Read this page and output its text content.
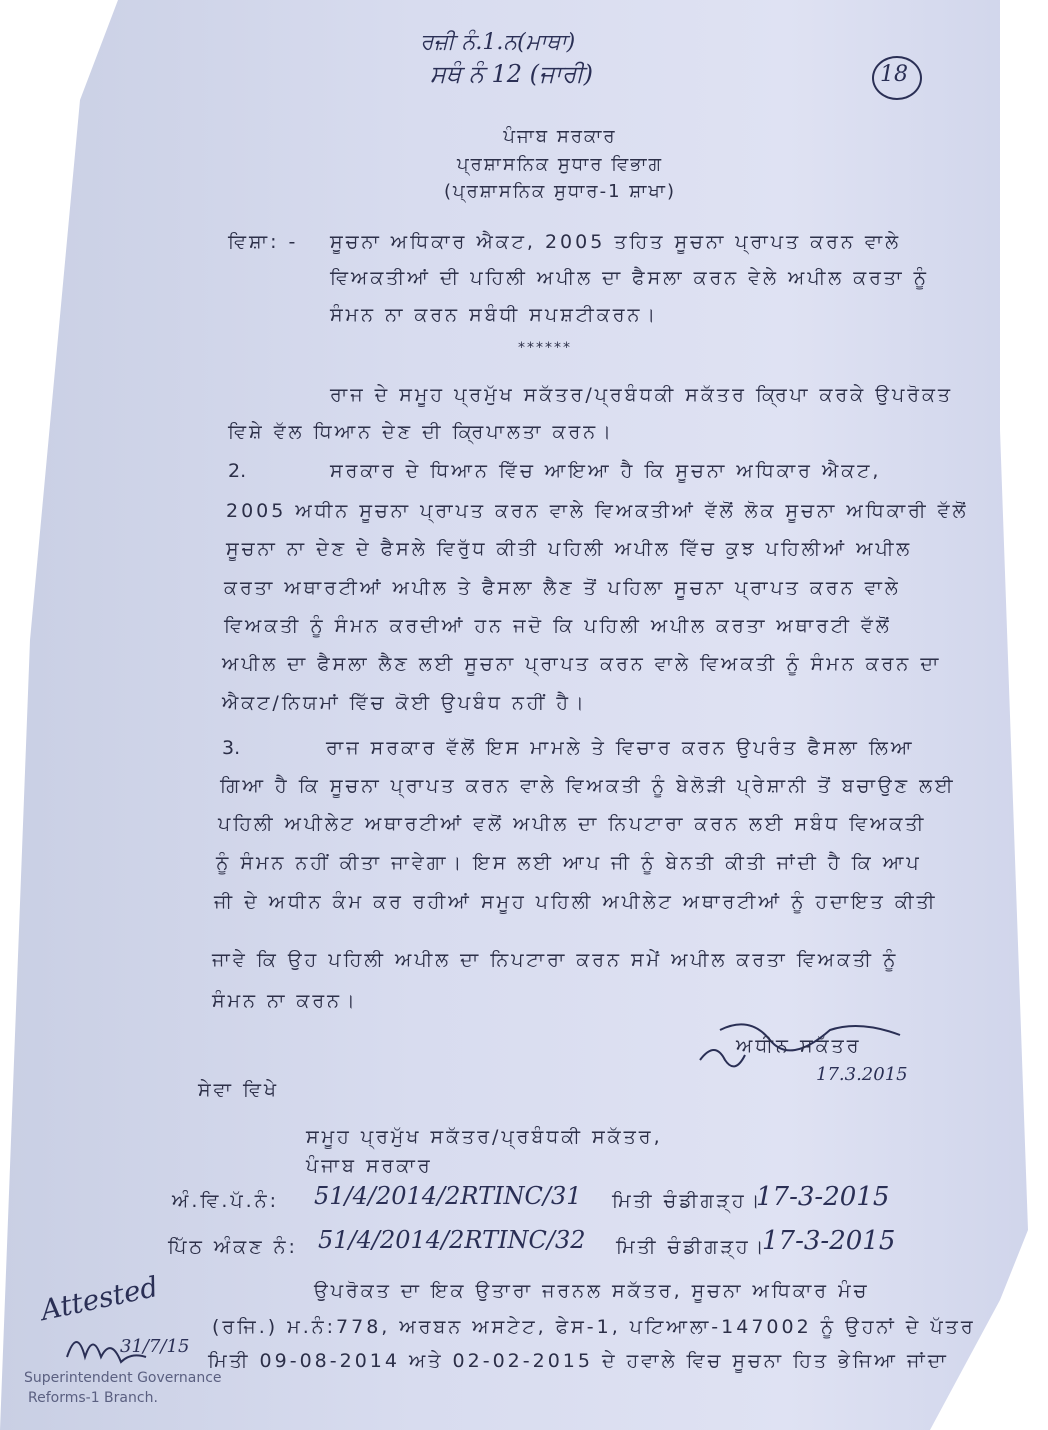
ਰਜ਼ੀ ਨੰ.1.ਨ(ਮਾਥਾ)
ਸਥੰ ਨੰ 12 (ਜਾਰੀ)	18
ਪੰਜਾਬ ਸਰਕਾਰ
ਪ੍ਰਸ਼ਾਸਨਿਕ ਸੁਧਾਰ ਵਿਭਾਗ
(ਪ੍ਰਸ਼ਾਸਨਿਕ ਸੁਧਾਰ-1 ਸ਼ਾਖਾ)
ਵਿਸ਼ਾ: - ਸੂਚਨਾ ਅਧਿਕਾਰ ਐਕਟ, 2005 ਤਹਿਤ ਸੂਚਨਾ ਪ੍ਰਾਪਤ ਕਰਨ ਵਾਲੇ
ਵਿਅਕਤੀਆਂ ਦੀ ਪਹਿਲੀ ਅਪੀਲ ਦਾ ਫੈਸਲਾ ਕਰਨ ਵੇਲੇ ਅਪੀਲ ਕਰਤਾ ਨੂੰ
ਸੰਮਨ ਨਾ ਕਰਨ ਸਬੰਧੀ ਸਪਸ਼ਟੀਕਰਨ।
******
ਰਾਜ ਦੇ ਸਮੂਹ ਪ੍ਰਮੁੱਖ ਸਕੱਤਰ/ਪ੍ਰਬੰਧਕੀ ਸਕੱਤਰ ਕ੍ਰਿਪਾ ਕਰਕੇ ਉਪਰੋਕਤ
ਵਿਸ਼ੇ ਵੱਲ ਧਿਆਨ ਦੇਣ ਦੀ ਕ੍ਰਿਪਾਲਤਾ ਕਰਨ।
2.	ਸਰਕਾਰ ਦੇ ਧਿਆਨ ਵਿੱਚ ਆਇਆ ਹੈ ਕਿ ਸੂਚਨਾ ਅਧਿਕਾਰ ਐਕਟ,
2005 ਅਧੀਨ ਸੂਚਨਾ ਪ੍ਰਾਪਤ ਕਰਨ ਵਾਲੇ ਵਿਅਕਤੀਆਂ ਵੱਲੋਂ ਲੋਕ ਸੂਚਨਾ ਅਧਿਕਾਰੀ ਵੱਲੋਂ
ਸੂਚਨਾ ਨਾ ਦੇਣ ਦੇ ਫੈਸਲੇ ਵਿਰੁੱਧ ਕੀਤੀ ਪਹਿਲੀ ਅਪੀਲ ਵਿੱਚ ਕੁਝ ਪਹਿਲੀਆਂ ਅਪੀਲ
ਕਰਤਾ ਅਥਾਰਟੀਆਂ ਅਪੀਲ ਤੇ ਫੈਸਲਾ ਲੈਣ ਤੋਂ ਪਹਿਲਾ ਸੂਚਨਾ ਪ੍ਰਾਪਤ ਕਰਨ ਵਾਲੇ
ਵਿਅਕਤੀ ਨੂੰ ਸੰਮਨ ਕਰਦੀਆਂ ਹਨ ਜਦੋ ਕਿ ਪਹਿਲੀ ਅਪੀਲ ਕਰਤਾ ਅਥਾਰਟੀ ਵੱਲੋਂ
ਅਪੀਲ ਦਾ ਫੈਸਲਾ ਲੈਣ ਲਈ ਸੂਚਨਾ ਪ੍ਰਾਪਤ ਕਰਨ ਵਾਲੇ ਵਿਅਕਤੀ ਨੂੰ ਸੰਮਨ ਕਰਨ ਦਾ
ਐਕਟ/ਨਿਯਮਾਂ ਵਿੱਚ ਕੋਈ ਉਪਬੰਧ ਨਹੀਂ ਹੈ।
3.	ਰਾਜ ਸਰਕਾਰ ਵੱਲੋਂ ਇਸ ਮਾਮਲੇ ਤੇ ਵਿਚਾਰ ਕਰਨ ਉਪਰੰਤ ਫੈਸਲਾ ਲਿਆ
ਗਿਆ ਹੈ ਕਿ ਸੂਚਨਾ ਪ੍ਰਾਪਤ ਕਰਨ ਵਾਲੇ ਵਿਅਕਤੀ ਨੂੰ ਬੇਲੋੜੀ ਪ੍ਰੇਸ਼ਾਨੀ ਤੋਂ ਬਚਾਉਣ ਲਈ
ਪਹਿਲੀ ਅਪੀਲੇਟ ਅਥਾਰਟੀਆਂ ਵਲੋਂ ਅਪੀਲ ਦਾ ਨਿਪਟਾਰਾ ਕਰਨ ਲਈ ਸਬੰਧ ਵਿਅਕਤੀ
ਨੂੰ ਸੰਮਨ ਨਹੀਂ ਕੀਤਾ ਜਾਵੇਗਾ। ਇਸ ਲਈ ਆਪ ਜੀ ਨੂੰ ਬੇਨਤੀ ਕੀਤੀ ਜਾਂਦੀ ਹੈ ਕਿ ਆਪ
ਜੀ ਦੇ ਅਧੀਨ ਕੰਮ ਕਰ ਰਹੀਆਂ ਸਮੂਹ ਪਹਿਲੀ ਅਪੀਲੇਟ ਅਥਾਰਟੀਆਂ ਨੂੰ ਹਦਾਇਤ ਕੀਤੀ
ਜਾਵੇ ਕਿ ਉਹ ਪਹਿਲੀ ਅਪੀਲ ਦਾ ਨਿਪਟਾਰਾ ਕਰਨ ਸਮੇਂ ਅਪੀਲ ਕਰਤਾ ਵਿਅਕਤੀ ਨੂੰ
ਸੰਮਨ ਨਾ ਕਰਨ।
ਅਧੀਨ ਸਕੱਤਰ
17.3.2015
ਸੇਵਾ ਵਿਖੇ
ਸਮੂਹ ਪ੍ਰਮੁੱਖ ਸਕੱਤਰ/ਪ੍ਰਬੰਧਕੀ ਸਕੱਤਰ,
ਪੰਜਾਬ ਸਰਕਾਰ
ਅੰ.ਵਿ.ਪੱ.ਨੰ: 51/4/2014/2RTINC/31 ਮਿਤੀ ਚੰਡੀਗੜ੍ਹ।
17-3-2015
ਪਿੱਠ ਅੰਕਣ ਨੰ: 51/4/2014/2RTINC/32 ਮਿਤੀ ਚੰਡੀਗੜ੍ਹ।
17-3-2015
ਉਪਰੋਕਤ ਦਾ ਇਕ ਉਤਾਰਾ ਜਰਨਲ ਸਕੱਤਰ, ਸੂਚਨਾ ਅਧਿਕਾਰ ਮੰਚ
(ਰਜਿ.) ਮ.ਨੰ:778, ਅਰਬਨ ਅਸਟੇਟ, ਫੇਸ-1, ਪਟਿਆਲਾ-147002 ਨੂੰ ਉਹਨਾਂ ਦੇ ਪੱਤਰ
ਮਿਤੀ 09-08-2014 ਅਤੇ 02-02-2015 ਦੇ ਹਵਾਲੇ ਵਿਚ ਸੂਚਨਾ ਹਿਤ ਭੇਜਿਆ ਜਾਂਦਾ
Attested
31/7/15
Superintendent Governance
Reforms-1 Branch.
